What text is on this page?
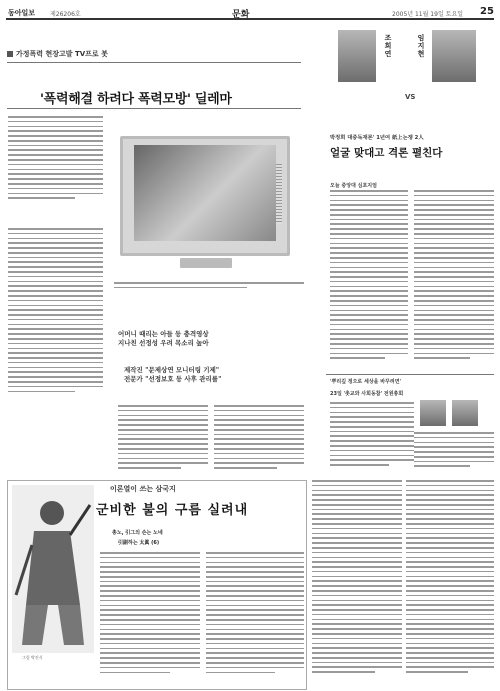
동아일보 제26206호	문화	2005년 11월 19일 토요일 25
가정폭력 현장고발 TV프로 봇
'폭력해결 하려다 폭력모방' 딜레마
어머니 때리는 아들 등 충격영상
지나친 선정성 우려 목소리 높아
제작진 "문제상연 모니터링 기제"
전문가 "선정보호 등 사후 관리를"
조희연	임지현
VS
박정희 대중독재론' 1년여 紙上논쟁 2人
얼굴 맞대고 격론 펼친다
오늘 중앙대 심포지엄
'뿌리깊 정으로 세상을 바꾸려면'
23일 '촛교와 사회동참' 전원총회
그림 박진식
이론열이 쓰는 삼국지
군비한 불의 구름 실려내
총노, 引그의 손는 노네
引副하는 太眞 (6)
